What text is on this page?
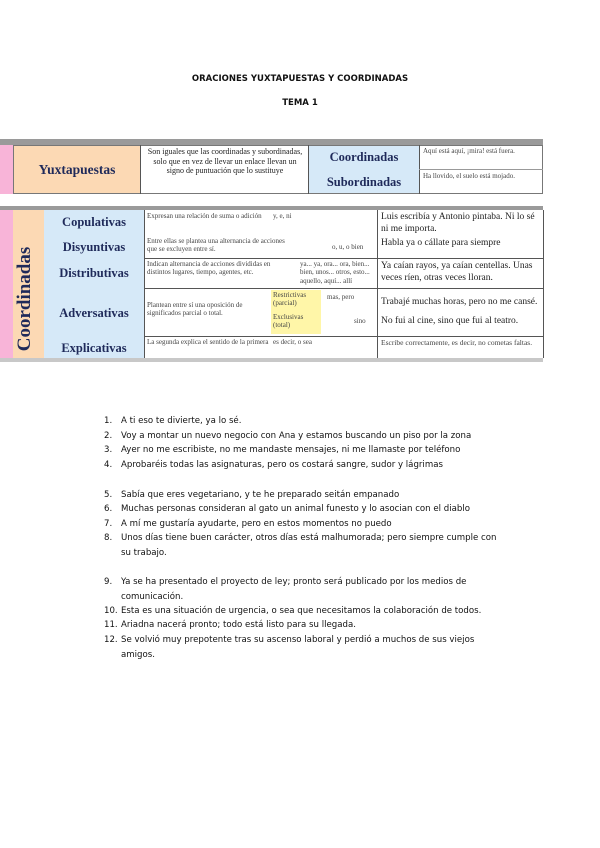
ORACIONES YUXTAPUESTAS Y COORDINADAS
TEMA 1
Yuxtapuestas
Son iguales que las coordinadas y subordinadas, solo que en vez de llevar un enlace llevan un signo de puntuación que lo sustituye
Coordinadas
Subordinadas
Aquí está aquí, ¡mira! está fuera.
Ha llovido, el suelo está mojado.
Coordinadas
Copulativas
Disyuntivas
Distributivas
Adversativas
Explicativas
Expresan una relación de suma o adición
Entre ellas se plantea una alternancia de acciones que se excluyen entre sí.
Indican alternancia de acciones divididas en distintos lugares, tiempo, agentes, etc.
Plantean entre sí una oposición de significados parcial o total.
La segunda explica el sentido de la primera
y, e, ni
o, u, o bien
ya... ya, ora... ora, bien... bien, unos... otros, esto... aquello, aquí... allí
Restrictivas (parcial)
Exclusivas (total)
mas, pero
sino
es decir, o sea
Luis escribía y Antonio pintaba. Ni lo sé ni me importa.
Habla ya o cállate para siempre
Ya caían rayos, ya caían centellas. Unas veces ríen, otras veces lloran.
Trabajé muchas horas, pero no me cansé. No fui al cine, sino que fui al teatro.
Escribe correctamente, es decir, no cometas faltas.
1. A ti eso te divierte, ya lo sé.
2. Voy a montar un nuevo negocio con Ana y estamos buscando un piso por la zona
3. Ayer no me escribiste, no me mandaste mensajes, ni me llamaste por teléfono
4. Aprobaréis todas las asignaturas, pero os costará sangre, sudor y lágrimas
5. Sabía que eres vegetariano, y te he preparado seitán empanado
6. Muchas personas consideran al gato un animal funesto y lo asocian con el diablo
7. A mí me gustaría ayudarte, pero en estos momentos no puedo
8. Unos días tiene buen carácter, otros días está malhumorada; pero siempre cumple con su trabajo.
9. Ya se ha presentado el proyecto de ley; pronto será publicado por los medios de comunicación.
10. Esta es una situación de urgencia, o sea que necesitamos la colaboración de todos.
11. Ariadna nacerá pronto; todo está listo para su llegada.
12. Se volvió muy prepotente tras su ascenso laboral y perdió a muchos de sus viejos amigos.
